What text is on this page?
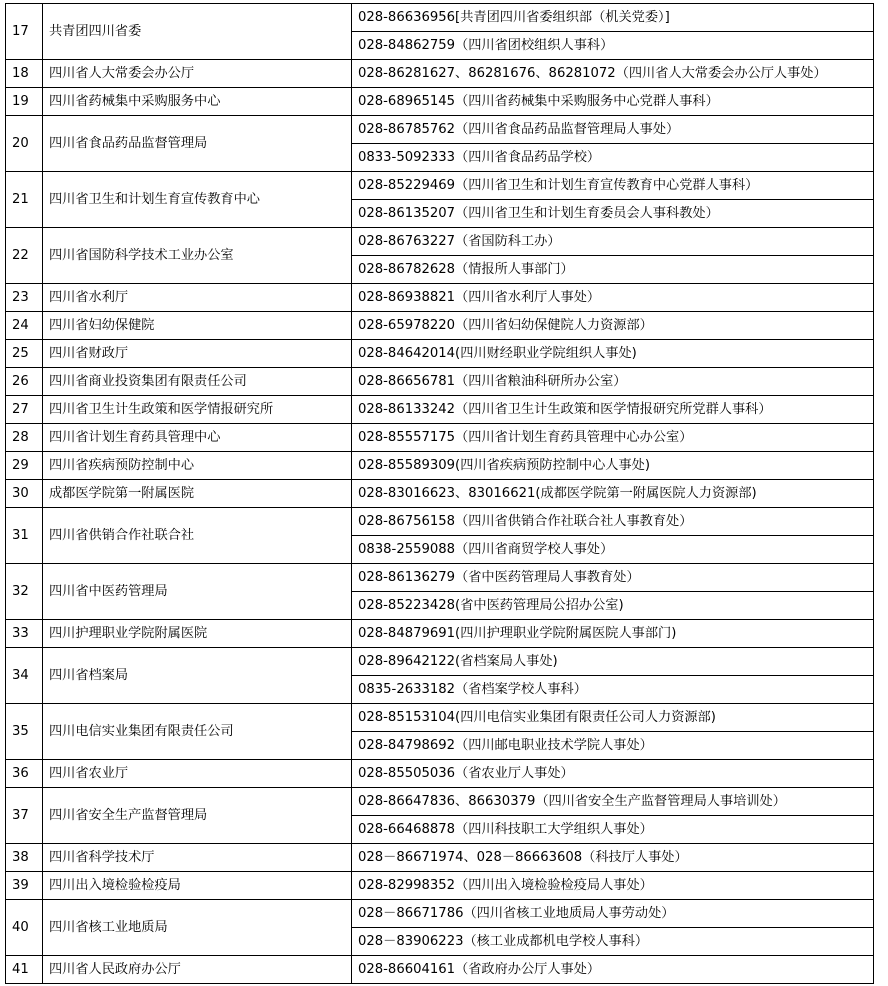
17	共青团四川省委	028-86636956[共青团四川省委组织部（机关党委）]
		028-84862759（四川省团校组织人事科）
18	四川省人大常委会办公厅	028-86281627、86281676、86281072（四川省人大常委会办公厅人事处）
19	四川省药械集中采购服务中心	028-68965145（四川省药械集中采购服务中心党群人事科）
20	四川省食品药品监督管理局	028-86785762（四川省食品药品监督管理局人事处）
		0833-5092333（四川省食品药品学校）
21	四川省卫生和计划生育宣传教育中心	028-85229469（四川省卫生和计划生育宣传教育中心党群人事科）
		028-86135207（四川省卫生和计划生育委员会人事科教处）
22	四川省国防科学技术工业办公室	028-86763227（省国防科工办）
		028-86782628（情报所人事部门）
23	四川省水利厅	028-86938821（四川省水利厅人事处）
24	四川省妇幼保健院	028-65978220（四川省妇幼保健院人力资源部）
25	四川省财政厅	028-84642014(四川财经职业学院组织人事处)
26	四川省商业投资集团有限责任公司	028-86656781（四川省粮油科研所办公室）
27	四川省卫生计生政策和医学情报研究所	028-86133242（四川省卫生计生政策和医学情报研究所党群人事科）
28	四川省计划生育药具管理中心	028-85557175（四川省计划生育药具管理中心办公室）
29	四川省疾病预防控制中心	028-85589309(四川省疾病预防控制中心人事处)
30	成都医学院第一附属医院	028-83016623、83016621(成都医学院第一附属医院人力资源部)
31	四川省供销合作社联合社	028-86756158（四川省供销合作社联合社人事教育处）
		0838-2559088（四川省商贸学校人事处）
32	四川省中医药管理局	028-86136279（省中医药管理局人事教育处）
		028-85223428(省中医药管理局公招办公室)
33	四川护理职业学院附属医院	028-84879691(四川护理职业学院附属医院人事部门)
34	四川省档案局	028-89642122(省档案局人事处)
		0835-2633182（省档案学校人事科）
35	四川电信实业集团有限责任公司	028-85153104(四川电信实业集团有限责任公司人力资源部)
		028-84798692（四川邮电职业技术学院人事处）
36	四川省农业厅	028-85505036（省农业厅人事处）
37	四川省安全生产监督管理局	028-86647836、86630379（四川省安全生产监督管理局人事培训处）
		028-66468878（四川科技职工大学组织人事处）
38	四川省科学技术厅	028－86671974、028－86663608（科技厅人事处）
39	四川出入境检验检疫局	028-82998352（四川出入境检验检疫局人事处）
40	四川省核工业地质局	028－86671786（四川省核工业地质局人事劳动处）
		028－83906223（核工业成都机电学校人事科）
41	四川省人民政府办公厅	028-86604161（省政府办公厅人事处）
